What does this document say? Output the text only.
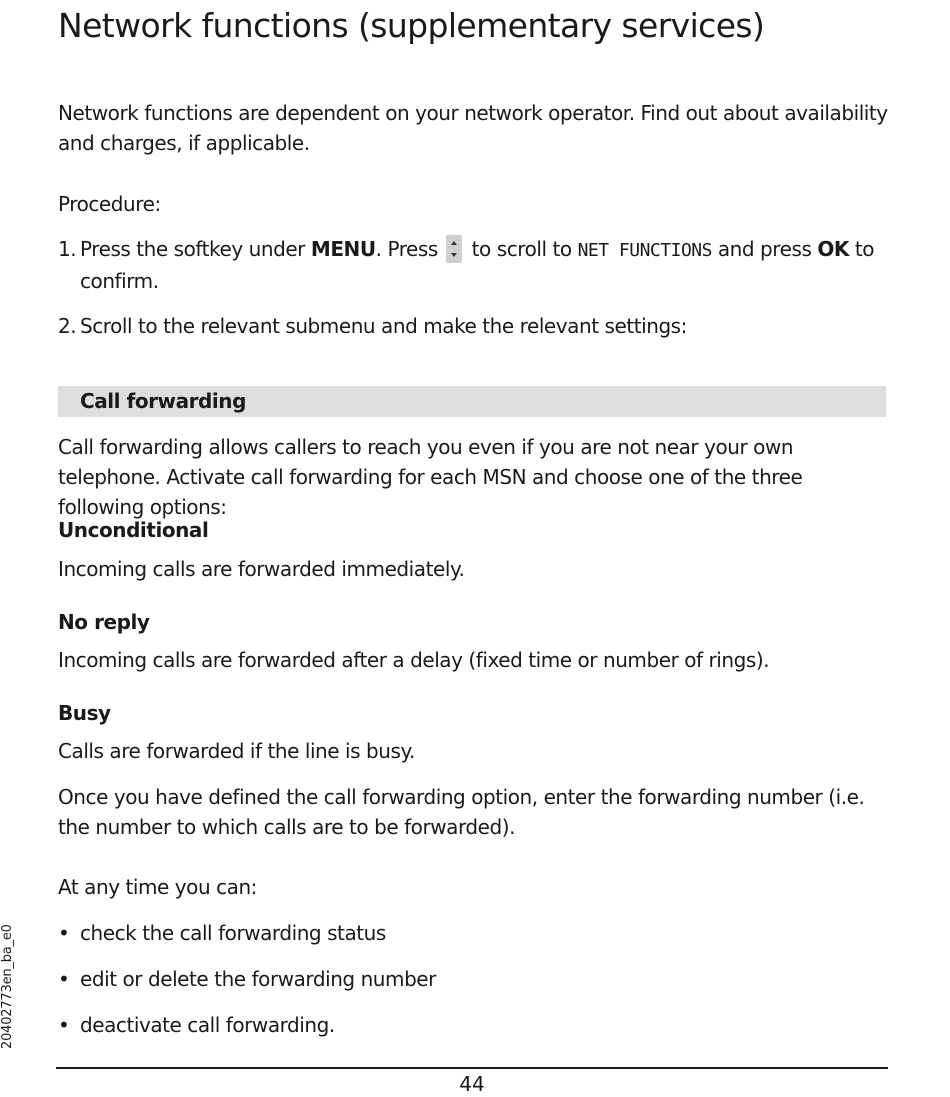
Network functions (supplementary services)

Network functions are dependent on your network operator. Find out about availability and charges, if applicable.

Procedure:

1. Press the softkey under MENU. Press
to scroll to NET FUNCTIONS and press OK to confirm.
2. Scroll to the relevant submenu and make the relevant settings:
Call forwarding

Call forwarding allows callers to reach you even if you are not near your own telephone. Activate call forwarding for each MSN and choose one of the three following options:

Unconditional

Incoming calls are forwarded immediately.

No reply

Incoming calls are forwarded after a delay (fixed time or number of rings).

Busy

Calls are forwarded if the line is busy.

Once you have defined the call forwarding option, enter the forwarding number (i.e. the number to which calls are to be forwarded).

At any time you can:

• check the call forwarding status
• edit or delete the forwarding number
• deactivate call forwarding.
20402773en_ba_e0
44
